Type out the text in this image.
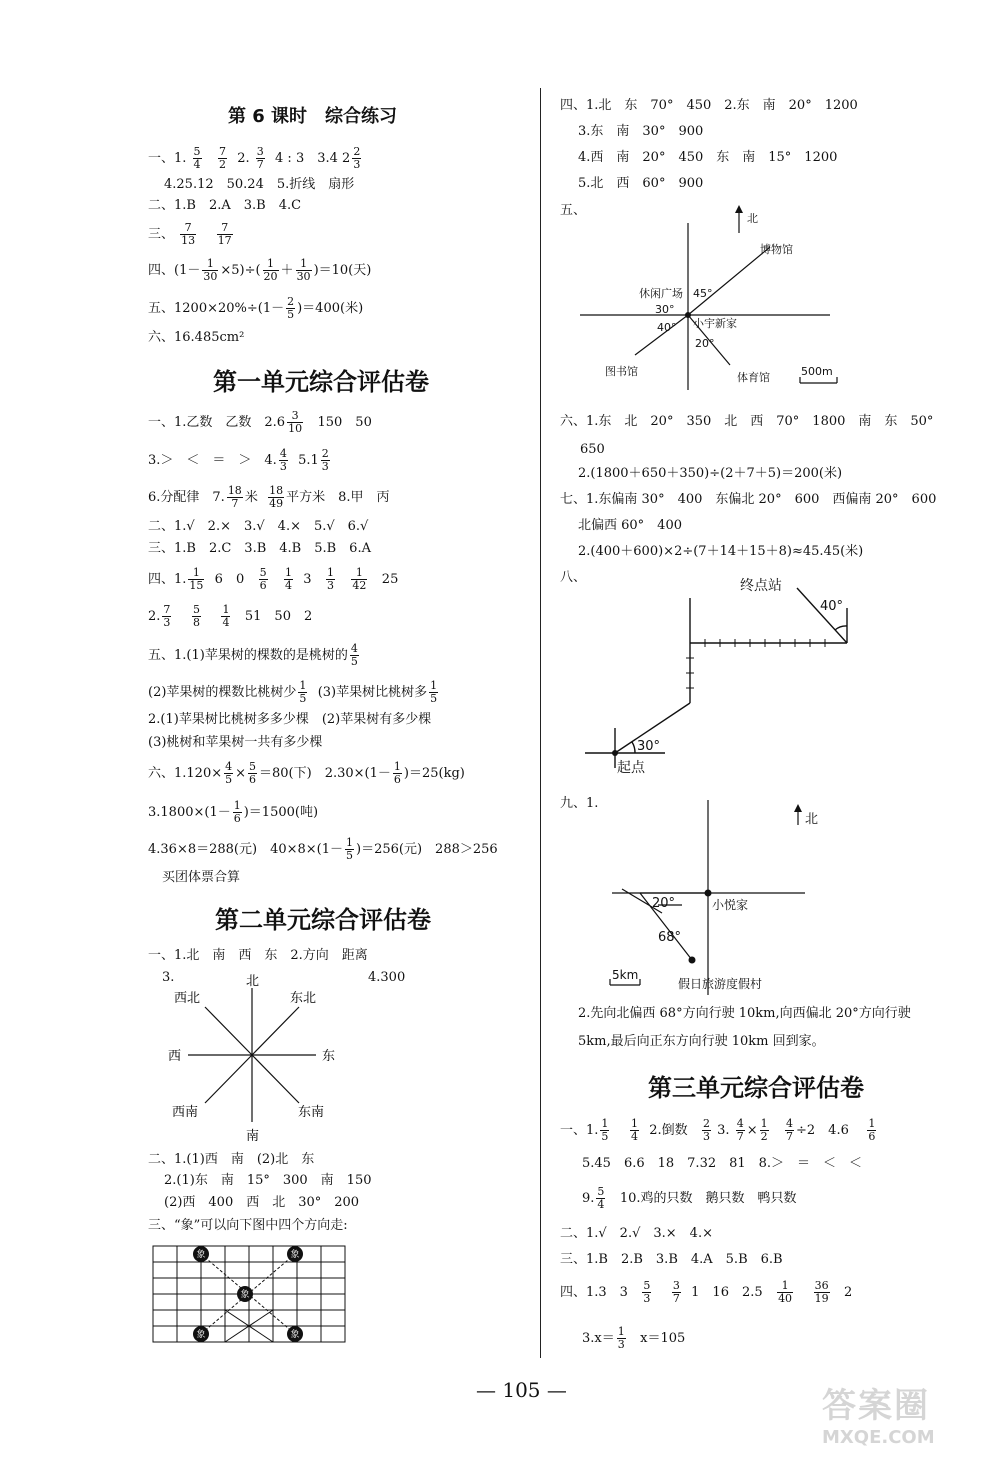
第 6 课时　综合练习
一、1. $\frac{5}{4}$
$\frac{7}{2} 2$. $\frac{3}{7} 4$ : 3　3.4 $2 \frac{2}{3}$
4.25.12　50.24　5.折线　扇形
二、1.B　2.A　3.B　4.C
三、 $\frac{7}{13}$
$\frac{7}{17}$
四、$(1- \frac{1}{30} \times 5)\div( \frac{1}{20} + \frac{1}{30} )=10$(天)
五、$1200\times 20\%\div(1- \frac{2}{5} )=400$(米)
六、16.485cm²
第一单元综合评估卷
一、1.乙数　乙数　$2.6 \frac{3}{10} 150$　50
3.＞　＜　＝　＞　4. $\frac{4}{3} 5.1 \frac{2}{3}$
6.分配律　7. $\frac{18}{7}$ 米 $\frac{18}{49}$ 平方米　8.甲　丙
二、1.√　2.×　3.√　4.×　5.√　6.√
三、1.B　2.C　3.B　4.B　5.B　6.A
四、1. $\frac{1}{15} 6$　$0 \frac{5}{6}$
$\frac{1}{4} 3 \frac{1}{3}$
$\frac{1}{42} 25$
2. $\frac{7}{3}$
$\frac{5}{8}$
$\frac{1}{4} 51$　50　2
五、1.(1)苹果树的棵数的是桃树的 $\frac{4}{5}$
(2)苹果树的棵数比桃树少 $\frac{1}{5} (3)$苹果树比桃树多 $\frac{1}{5}$
2.(1)苹果树比桃树多多少棵　(2)苹果树有多少棵
(3)桃树和苹果树一共有多少棵
六、$1.120\times \frac{4}{5} \times \frac{5}{6} =80$(下)　$2.30\times(1- \frac{1}{6} )=25(kg)$
$3.1800\times(1- \frac{1}{6} )=1500$(吨)
4.36×8＝288(元)　$40\times 8\times(1- \frac{1}{5} )=256$(元)　288＞256
买团体票合算
第二单元综合评估卷
一、1.北　南　西　东　2.方向　距离
3.	4.300
北
南
东
西
东北
西北
东南
西南
二、1.(1)西　南　(2)北　东
2.(1)东　南　15°　300　南　150
(2)西　400　西　北　30°　200
三、“象”可以向下图中四个方向走:
象	象
象
象	象
四、1.北　东　70°　450　2.东　南　20°　1200
3.东　南　30°　900
4.西　南　20°　450　东　南　15°　1200
5.北　西　60°　900
五、
北
博物馆
休闲广场 45°
30°
40° 小宇新家
20°
图书馆	体育馆	500m
六、1.东　北　20°　350　北　西　70°　1800　南　东　50°
650
2.(1800＋650＋350)÷(2＋7＋5)＝200(米)
七、1.东偏南 30°　400　东偏北 20°　600　西偏南 20°　600
北偏西 60°　400
2.(400＋600)×2÷(7＋14＋15＋8)≈45.45(米)
八、
终点站
40°
30°
起点
九、1.
北
20°	小悦家
68°
5km
假日旅游度假村
2.先向北偏西 68°方向行驶 10km,向西偏北 20°方向行驶
5km,最后向正东方向行驶 10km 回到家。
第三单元综合评估卷
一、1. $\frac{1}{5}$
$\frac{1}{4} 2$.倒数 $\frac{2}{3} 3$. $\frac{4}{7} \times \frac{1}{2}$
$\frac{4}{7} \div 2$　$4.6 \frac{1}{6}$
5.45　6.6　18　7.32　81　8.＞　＝　＜　＜
9. $\frac{5}{4} 10$.鸡的只数　鹅只数　鸭只数
二、1.√　2.√　3.×　4.×
三、1.B　2.B　3.B　4.A　5.B　6.B
四、1.3　$3 \frac{5}{3}$
$\frac{3}{7} 1$　16　$2.5 \frac{1}{40}$
$\frac{36}{19} 2$
$3.x= \frac{1}{3} x=105$
— 105 —	答案圈
MXQE.COM
